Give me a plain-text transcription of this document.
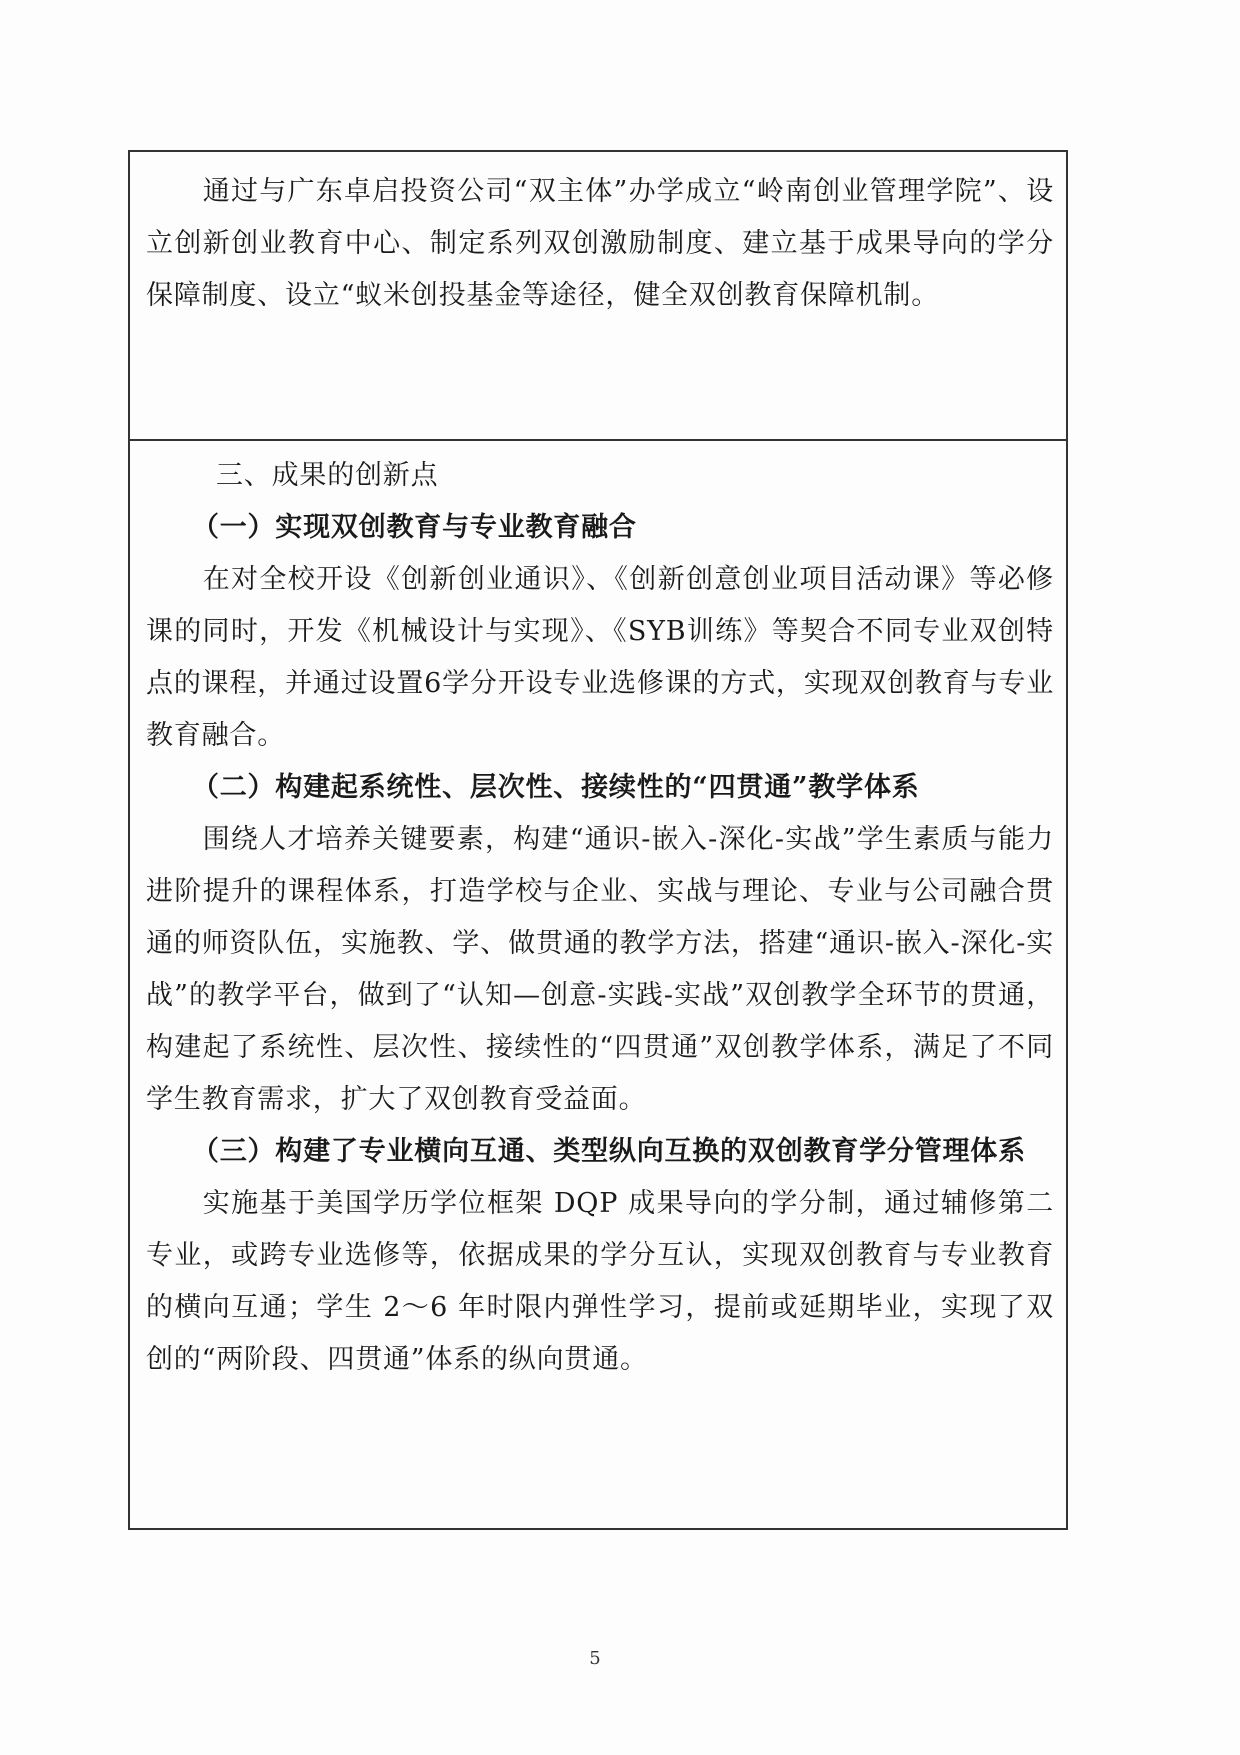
通过与广东卓启投资公司“双主体”办学成立“岭南创业管理学院”、设立创新创业教育中心、制定系列双创激励制度、建立基于成果导向的学分保障制度、设立“蚁米创投基金等途径，健全双创教育保障机制。

三、成果的创新点

（一）实现双创教育与专业教育融合

在对全校开设《创新创业通识》、《创新创意创业项目活动课》等必修课的同时，开发《机械设计与实现》、《SYB训练》等契合不同专业双创特点的课程，并通过设置6学分开设专业选修课的方式，实现双创教育与专业教育融合。

（二）构建起系统性、层次性、接续性的“四贯通”教学体系

围绕人才培养关键要素，构建“通识-嵌入-深化-实战”学生素质与能力进阶提升的课程体系，打造学校与企业、实战与理论、专业与公司融合贯通的师资队伍，实施教、学、做贯通的教学方法，搭建“通识-嵌入-深化-实战”的教学平台，做到了“认知—创意-实践-实战”双创教学全环节的贯通，构建起了系统性、层次性、接续性的“四贯通”双创教学体系，满足了不同学生教育需求，扩大了双创教育受益面。

（三）构建了专业横向互通、类型纵向互换的双创教育学分管理体系

实施基于美国学历学位框架 DQP 成果导向的学分制，通过辅修第二专业，或跨专业选修等，依据成果的学分互认，实现双创教育与专业教育的横向互通；学生 2～6 年时限内弹性学习，提前或延期毕业，实现了双创的“两阶段、四贯通”体系的纵向贯通。

5
